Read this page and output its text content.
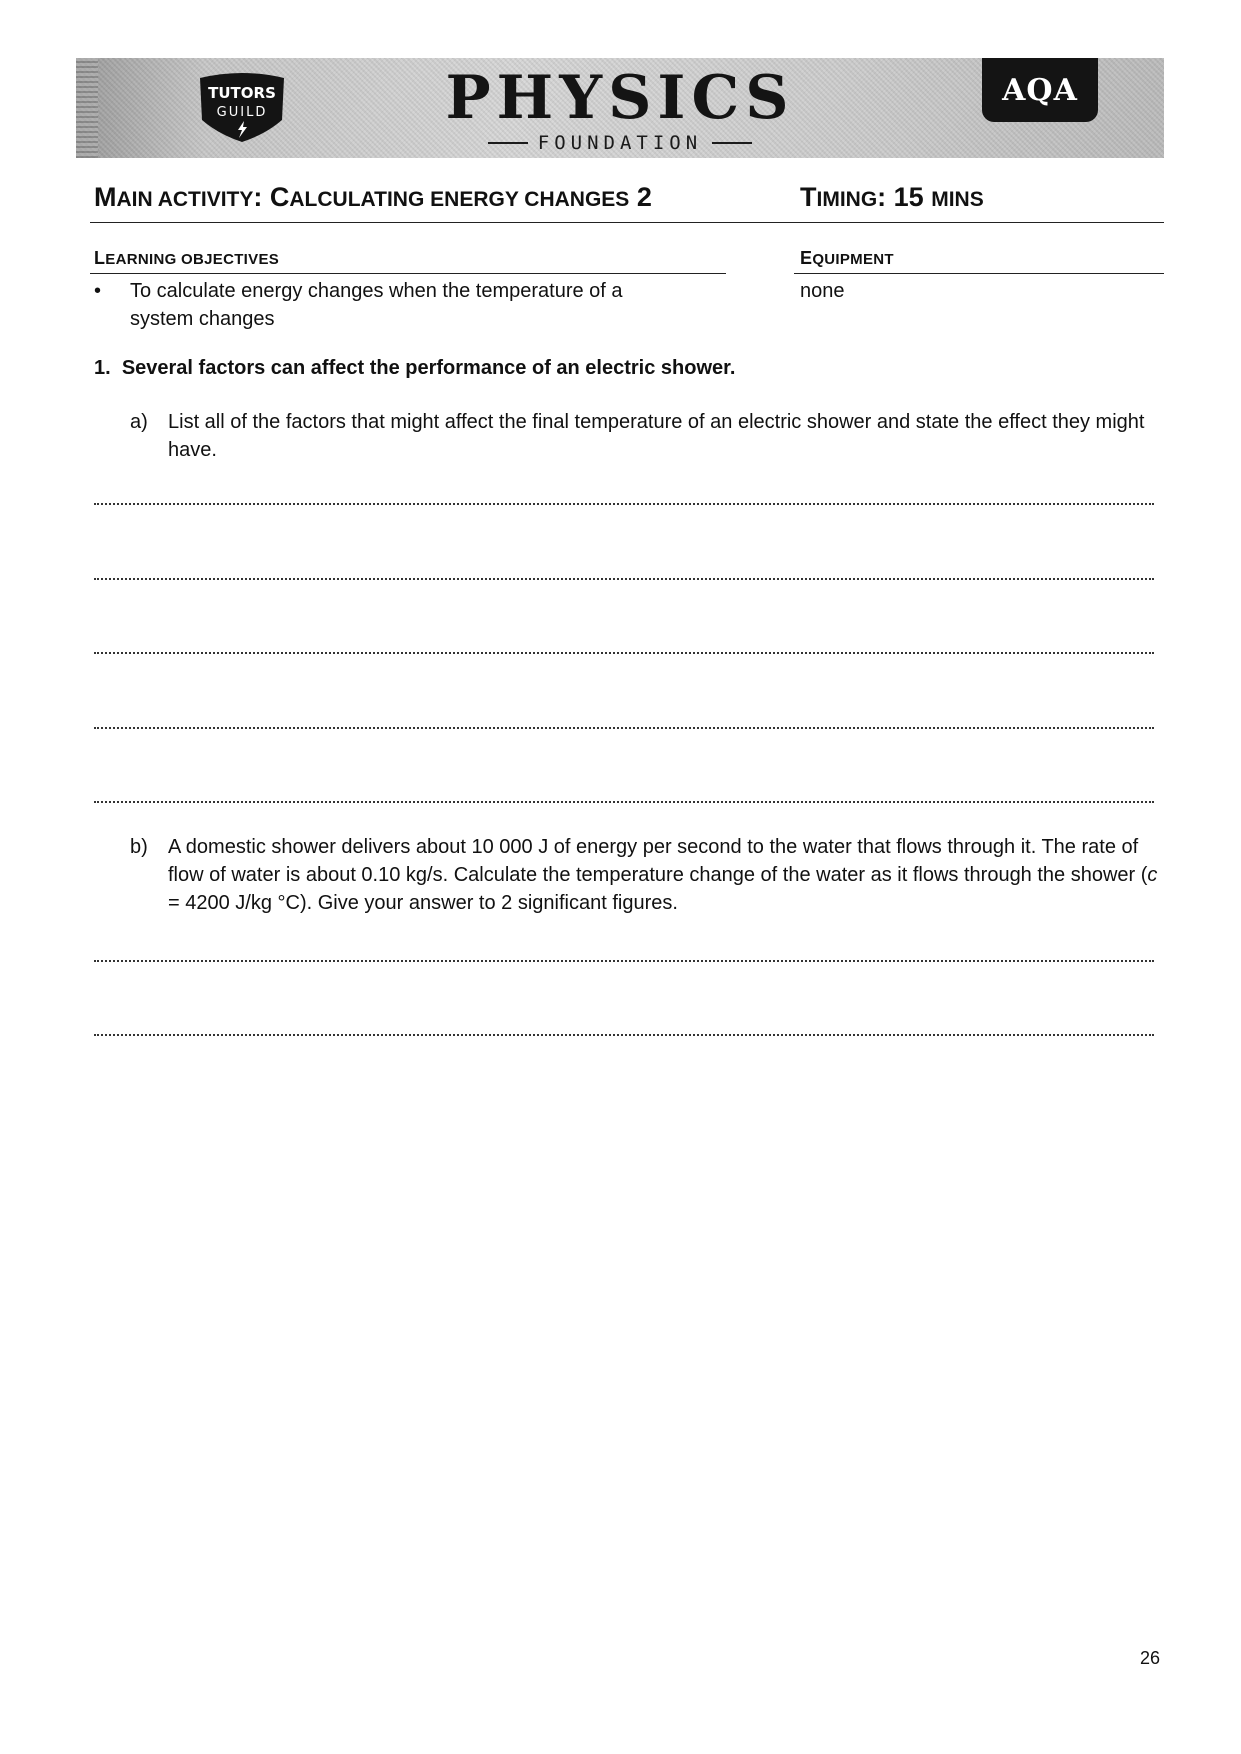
TUTORS
GUILD	PHYSICS
FOUNDATION
AQA
MAIN ACTIVITY: CALCULATING ENERGY CHANGES 2	TIMING: 15 MINS
LEARNING OBJECTIVES	EQUIPMENT
•	To calculate energy changes when the temperature of a system changes
none
1. Several factors can affect the performance of an electric shower.
a)	List all of the factors that might affect the final temperature of an electric shower and state the effect they might have.
b)	A domestic shower delivers about 10 000 J of energy per second to the water that flows through it. The rate of flow of water is about 0.10 kg/s. Calculate the temperature change of the water as it flows through the shower (c = 4200 J/kg °C). Give your answer to 2 significant figures.
26
